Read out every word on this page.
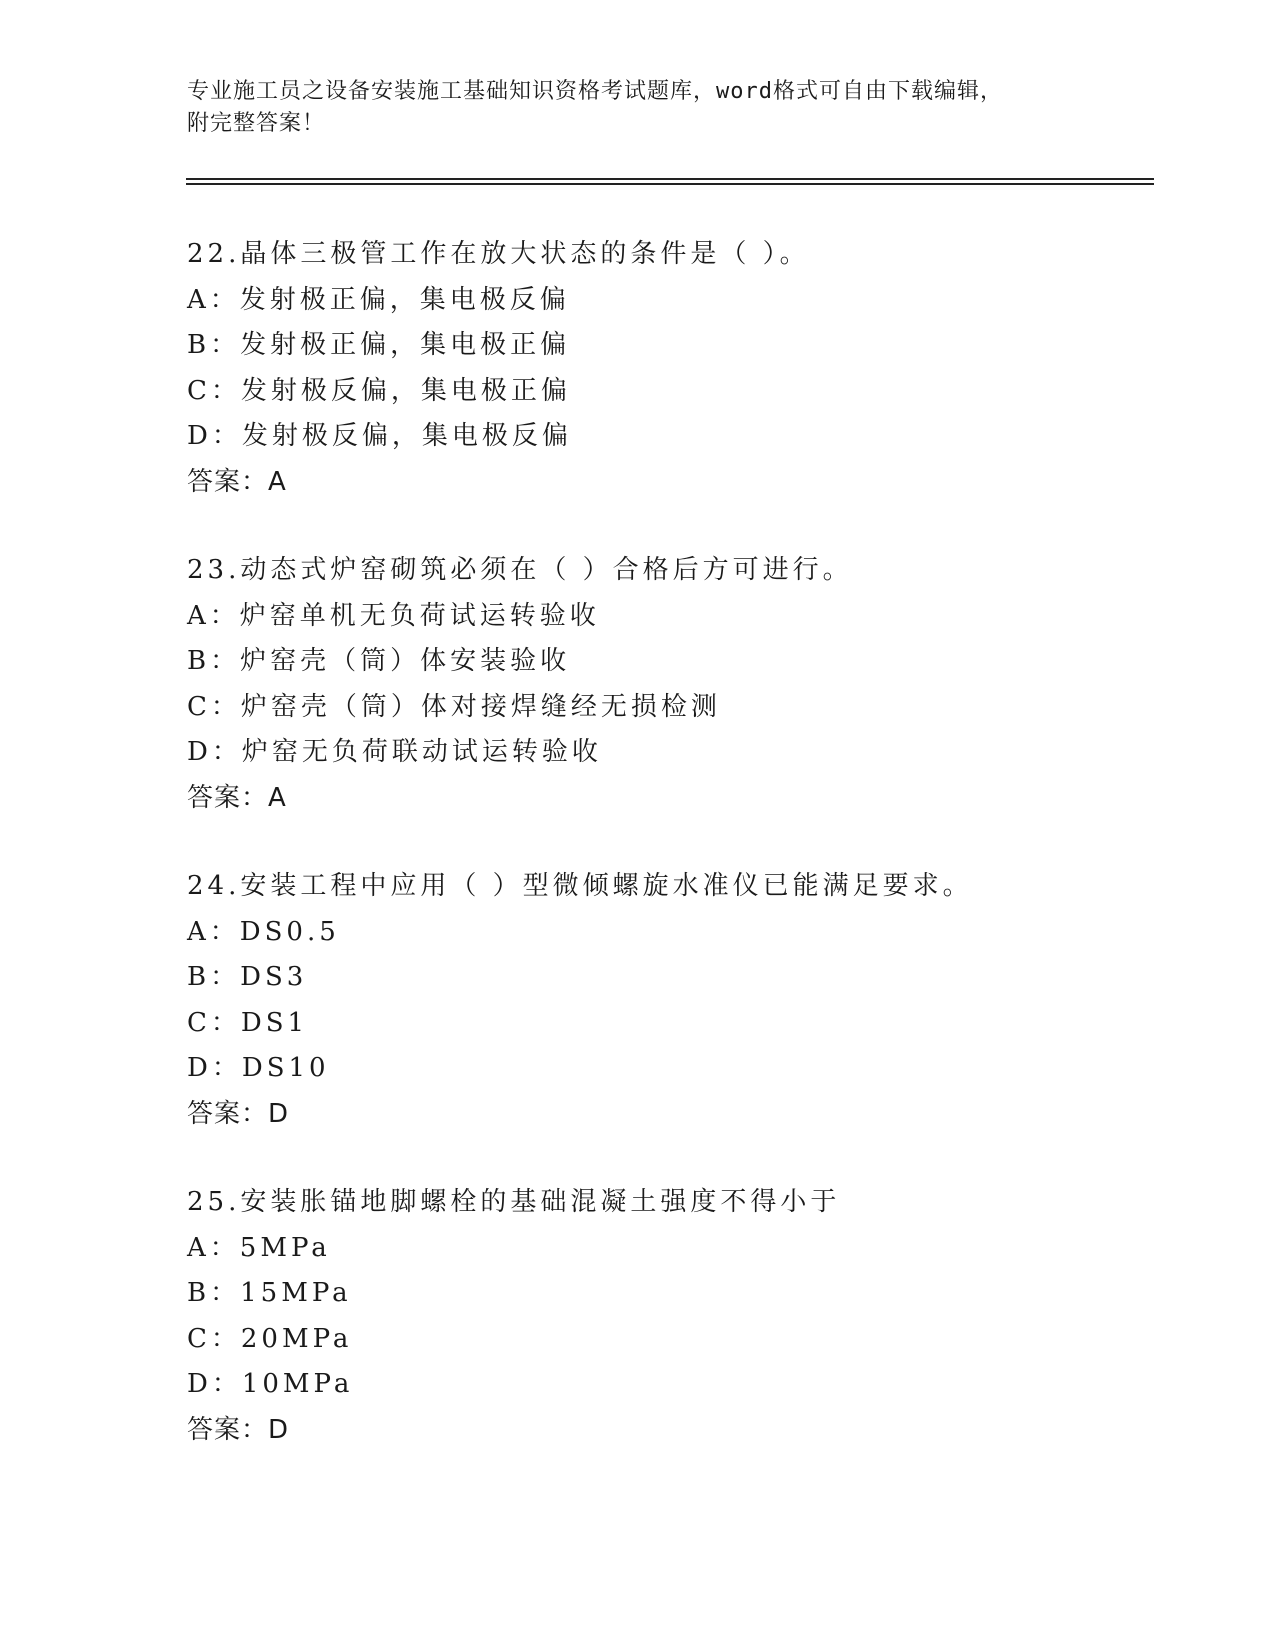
专业施工员之设备安装施工基础知识资格考试题库，word格式可自由下载编辑，
附完整答案！
22.晶体三极管工作在放大状态的条件是（ ）。
A：发射极正偏，集电极反偏
B：发射极正偏，集电极正偏
C：发射极反偏，集电极正偏
D：发射极反偏，集电极反偏
答案：A
23.动态式炉窑砌筑必须在（ ）合格后方可进行。
A：炉窑单机无负荷试运转验收
B：炉窑壳（筒）体安装验收
C：炉窑壳（筒）体对接焊缝经无损检测
D：炉窑无负荷联动试运转验收
答案：A
24.安装工程中应用（ ）型微倾螺旋水准仪已能满足要求。
A：DS0.5
B：DS3
C：DS1
D：DS10
答案：D
25.安装胀锚地脚螺栓的基础混凝土强度不得小于
A：5MPa
B：15MPa
C：20MPa
D：10MPa
答案：D
